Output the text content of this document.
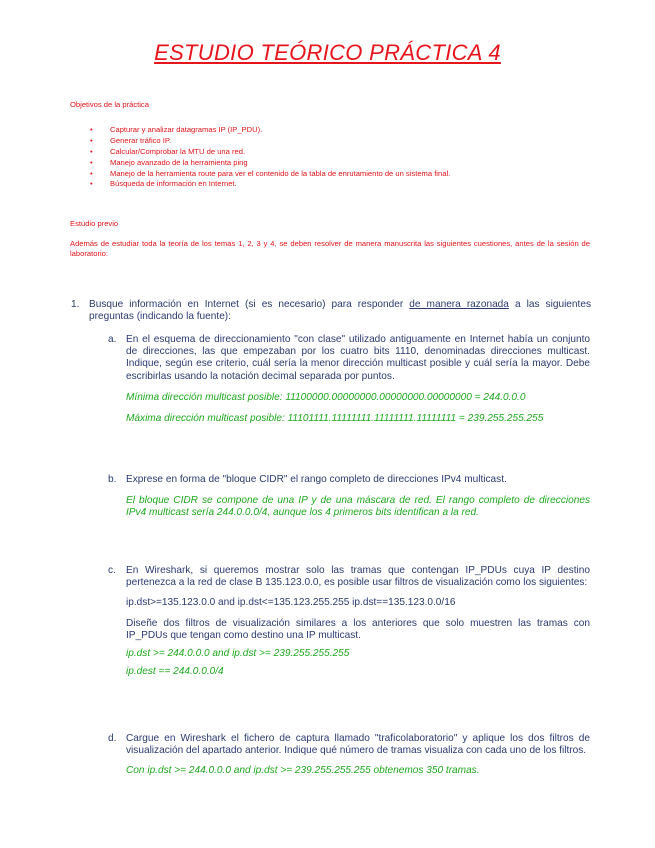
ESTUDIO TEÓRICO PRÁCTICA 4
Objetivos de la práctica
• Capturar y analizar datagramas IP (IP_PDU).
• Generar tráfico IP.
• Calcular/Comprobar la MTU de una red.
• Manejo avanzado de la herramienta ping
• Manejo de la herramienta route para ver el contenido de la tabla de enrutamiento de un sistema final.
• Búsqueda de información en Internet.
Estudio previo
Además de estudiar toda la teoría de los temas 1, 2, 3 y 4, se deben resolver de manera manuscrita las siguientes cuestiones, antes de la sesión de laboratorio:
1. Busque información en Internet (si es necesario) para responder de manera razonada a las siguientes preguntas (indicando la fuente):
a. En el esquema de direccionamiento "con clase" utilizado antiguamente en Internet había un conjunto de direcciones, las que empezaban por los cuatro bits 1110, denominadas direcciones multicast. Indique, según ese criterio, cuál sería la menor dirección multicast posible y cuál sería la mayor. Debe escribirlas usando la notación decimal separada por puntos.

Mínima dirección multicast posible: 11100000.00000000.00000000.00000000 = 244.0.0.0

Máxima dirección multicast posible: 11101111.11111111.11111111.11111111 = 239.255.255.255

b. Exprese en forma de "bloque CIDR" el rango completo de direcciones IPv4 multicast.

El bloque CIDR se compone de una IP y de una máscara de red. El rango completo de direcciones IPv4 multicast sería 244.0.0.0/4, aunque los 4 primeros bits identifican a la red.

c. En Wireshark, si queremos mostrar solo las tramas que contengan IP_PDUs cuya IP destino pertenezca a la red de clase B 135.123.0.0, es posible usar filtros de visualización como los siguientes:

ip.dst>=135.123.0.0 and ip.dst<=135.123.255.255 ip.dst==135.123.0.0/16

Diseñe dos filtros de visualización similares a los anteriores que solo muestren las tramas con IP_PDUs que tengan como destino una IP multicast.

ip.dst >= 244.0.0.0 and ip.dst >= 239.255.255.255

ip.dest == 244.0.0.0/4

d. Cargue en Wireshark el fichero de captura llamado "traficolaboratorio" y aplique los dos filtros de visualización del apartado anterior. Indique qué número de tramas visualiza con cada uno de los filtros.

Con ip.dst >= 244.0.0.0 and ip.dst >= 239.255.255.255 obtenemos 350 tramas.
